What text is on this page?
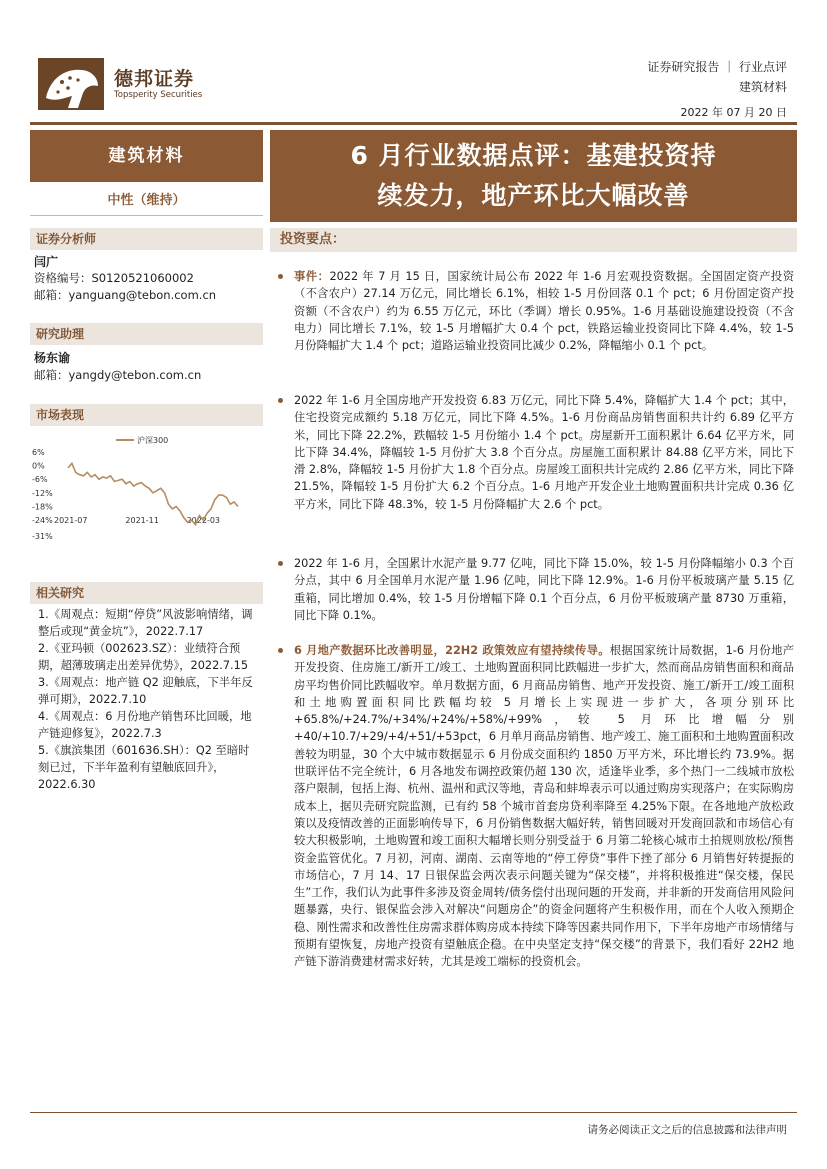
德邦证券
Topsperity Securities
证券研究报告 ｜ 行业点评
建筑材料
2022 年 07 月 20 日
建筑材料
中性（维持）
证券分析师
闫广
资格编号：S0120521060002
邮箱：yanguang@tebon.com.cn
研究助理
杨东谕
邮箱：yangdy@tebon.com.cn
市场表现
沪深300
6%
0%
-6%
-12%
-18%
-24%
-31%
2021-07	2021-11	2022-03
相关研究
1.《周观点：短期“停贷”风波影响情绪，调整后或现“黄金坑”》，2022.7.17
2.《亚玛顿（002623.SZ）：业绩符合预期，超薄玻璃走出差异优势》，2022.7.15
3.《周观点：地产链 Q2 迎触底，下半年反弹可期》，2022.7.10
4.《周观点：6 月份地产销售环比回暖，地产链迎修复》，2022.7.3
5.《旗滨集团（601636.SH）：Q2 至暗时刻已过，下半年盈利有望触底回升》，2022.6.30
6 月行业数据点评：基建投资持
续发力，地产环比大幅改善
投资要点：
事件：2022 年 7 月 15 日，国家统计局公布 2022 年 1-6 月宏观投资数据。全国固定资产投资（不含农户）27.14 万亿元，同比增长 6.1%，相较 1-5 月份回落 0.1 个 pct；6 月份固定资产投资额（不含农户）约为 6.55 万亿元，环比（季调）增长 0.95%。1-6 月基础设施建设投资（不含电力）同比增长 7.1%，较 1-5 月增幅扩大 0.4 个 pct，铁路运输业投资同比下降 4.4%，较 1-5 月份降幅扩大 1.4 个 pct；道路运输业投资同比减少 0.2%，降幅缩小 0.1 个 pct。
2022 年 1-6 月全国房地产开发投资 6.83 万亿元，同比下降 5.4%，降幅扩大 1.4 个 pct；其中，住宅投资完成额约 5.18 万亿元，同比下降 4.5%。1-6 月份商品房销售面积共计约 6.89 亿平方米，同比下降 22.2%，跌幅较 1-5 月份缩小 1.4 个 pct。房屋新开工面积累计 6.64 亿平方米，同比下降 34.4%，降幅较 1-5 月份扩大 3.8 个百分点。房屋施工面积累计 84.88 亿平方米，同比下滑 2.8%，降幅较 1-5 月份扩大 1.8 个百分点。房屋竣工面积共计完成约 2.86 亿平方米，同比下降 21.5%，降幅较 1-5 月份扩大 6.2 个百分点。1-6 月地产开发企业土地购置面积共计完成 0.36 亿平方米，同比下降 48.3%，较 1-5 月份降幅扩大 2.6 个 pct。
2022 年 1-6 月，全国累计水泥产量 9.77 亿吨，同比下降 15.0%，较 1-5 月份降幅缩小 0.3 个百分点，其中 6 月全国单月水泥产量 1.96 亿吨，同比下降 12.9%。1-6 月份平板玻璃产量 5.15 亿重箱，同比增加 0.4%，较 1-5 月份增幅下降 0.1 个百分点，6 月份平板玻璃产量 8730 万重箱，同比下降 0.1%。
6 月地产数据环比改善明显，22H2 政策效应有望持续传导。根据国家统计局数据，1-6 月份地产开发投资、住房施工/新开工/竣工、土地购置面积同比跌幅进一步扩大，然而商品房销售面积和商品房平均售价同比跌幅收窄。单月数据方面，6 月商品房销售、地产开发投资、施工/新开工/竣工面积和土地购置面积同比跌幅均较 5 月增长上实现进一步扩大，各项分别环比+65.8%/+24.7%/+34%/+24%/+58%/+99%，较 5 月环比增幅分别+40/+10.7/+29/+4/+51/+53pct，6 月单月商品房销售、地产竣工、施工面积和土地购置面积改善较为明显，30 个大中城市数据显示 6 月份成交面积约 1850 万平方米，环比增长约 73.9%。据世联评估不完全统计，6 月各地发布调控政策仍超 130 次，适逢毕业季，多个热门一二线城市放松落户限制，包括上海、杭州、温州和武汉等地，青岛和蚌埠表示可以通过购房实现落户；在实际购房成本上，据贝壳研究院监测，已有约 58 个城市首套房贷利率降至 4.25%下限。在各地地产放松政策以及疫情改善的正面影响传导下，6 月份销售数据大幅好转，销售回暖对开发商回款和市场信心有较大积极影响，土地购置和竣工面积大幅增长则分别受益于 6 月第二轮核心城市土拍规则放松/预售资金监管优化。7 月初，河南、湖南、云南等地的“停工停贷”事件下挫了部分 6 月销售好转提振的市场信心，7 月 14、17 日银保监会两次表示问题关键为“保交楼”，并将积极推进“保交楼，保民生”工作，我们认为此事件多涉及资金周转/债务偿付出现问题的开发商，并非新的开发商信用风险问题暴露，央行、银保监会涉入对解决“问题房企”的资金问题将产生积极作用，而在个人收入预期企稳、刚性需求和改善性住房需求群体购房成本持续下降等因素共同作用下，下半年房地产市场情绪与预期有望恢复，房地产投资有望触底企稳。在中央坚定支持“保交楼”的背景下，我们看好 22H2 地产链下游消费建材需求好转，尤其是竣工端标的投资机会。
请务必阅读正文之后的信息披露和法律声明
